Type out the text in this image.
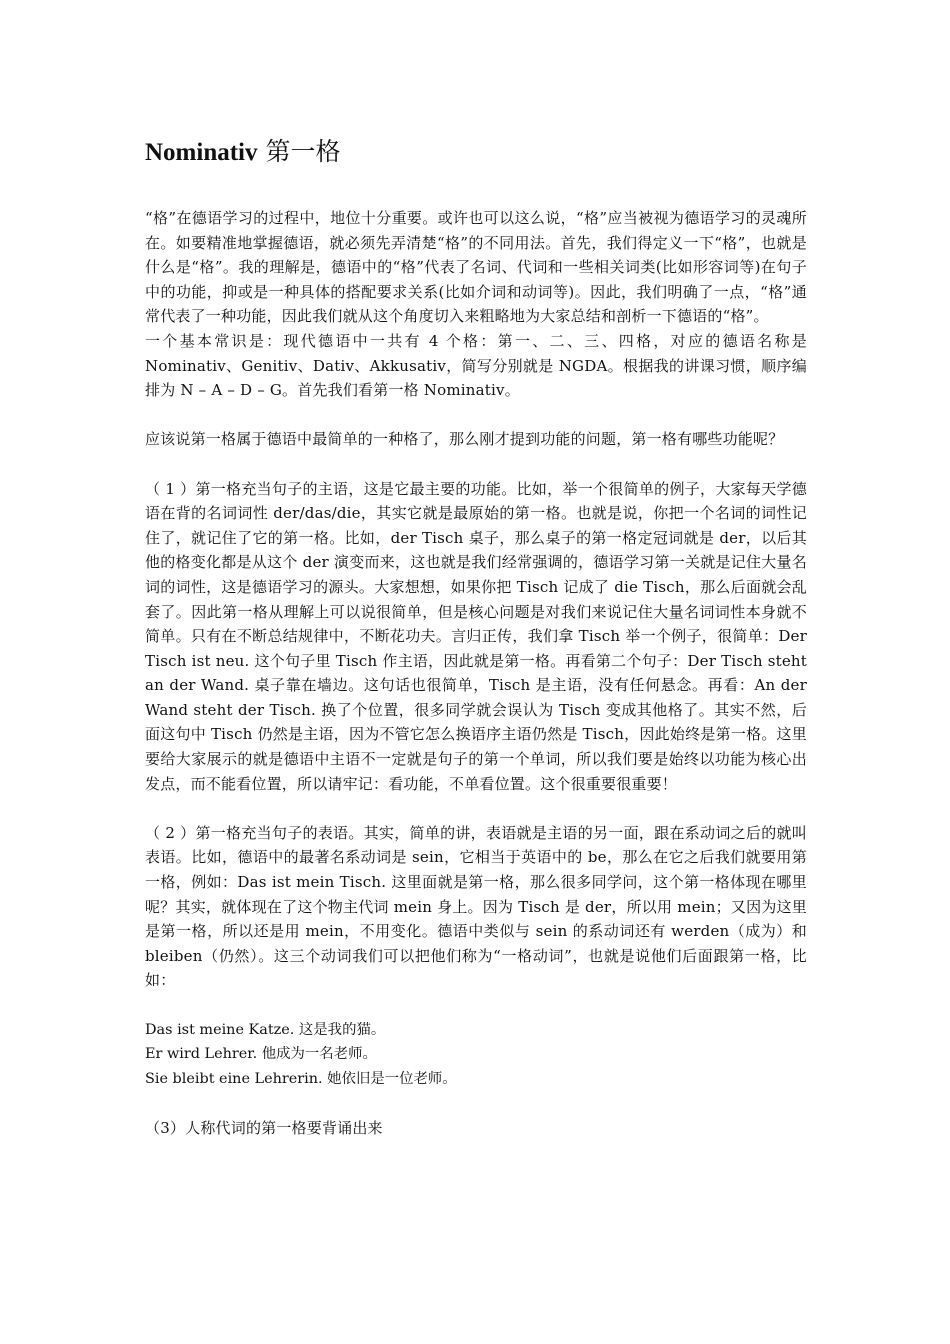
Nominativ 第一格

“格”在德语学习的过程中，地位十分重要。或许也可以这么说，“格”应当被视为德语学习的灵魂所在。如要精准地掌握德语，就必须先弄清楚“格”的不同用法。首先，我们得定义一下“格”，也就是什么是“格”。我的理解是，德语中的“格”代表了名词、代词和一些相关词类(比如形容词等)在句子中的功能，抑或是一种具体的搭配要求关系(比如介词和动词等)。因此，我们明确了一点，“格”通常代表了一种功能，因此我们就从这个角度切入来粗略地为大家总结和剖析一下德语的“格”。

一个基本常识是：现代德语中一共有 4 个格：第一、二、三、四格，对应的德语名称是 Nominativ、Genitiv、Dativ、Akkusativ，简写分别就是 NGDA。根据我的讲课习惯，顺序编排为 N – A – D – G。首先我们看第一格 Nominativ。

应该说第一格属于德语中最简单的一种格了，那么刚才提到功能的问题，第一格有哪些功能呢？

（ 1 ）第一格充当句子的主语，这是它最主要的功能。比如，举一个很简单的例子，大家每天学德语在背的名词词性 der/das/die，其实它就是最原始的第一格。也就是说，你把一个名词的词性记住了，就记住了它的第一格。比如，der Tisch 桌子，那么桌子的第一格定冠词就是 der，以后其他的格变化都是从这个 der 演变而来，这也就是我们经常强调的，德语学习第一关就是记住大量名词的词性，这是德语学习的源头。大家想想，如果你把 Tisch 记成了 die Tisch，那么后面就会乱套了。因此第一格从理解上可以说很简单，但是核心问题是对我们来说记住大量名词词性本身就不简单。只有在不断总结规律中，不断花功夫。言归正传，我们拿 Tisch 举一个例子，很简单：Der Tisch ist neu. 这个句子里 Tisch 作主语，因此就是第一格。再看第二个句子：Der Tisch steht an der Wand. 桌子靠在墙边。这句话也很简单，Tisch 是主语，没有任何悬念。再看：An der Wand steht der Tisch. 换了个位置，很多同学就会误认为 Tisch 变成其他格了。其实不然，后面这句中 Tisch 仍然是主语，因为不管它怎么换语序主语仍然是 Tisch，因此始终是第一格。这里要给大家展示的就是德语中主语不一定就是句子的第一个单词，所以我们要是始终以功能为核心出发点，而不能看位置，所以请牢记：看功能，不单看位置。这个很重要很重要！

（ 2 ）第一格充当句子的表语。其实，简单的讲，表语就是主语的另一面，跟在系动词之后的就叫表语。比如，德语中的最著名系动词是 sein，它相当于英语中的 be，那么在它之后我们就要用第一格，例如：Das ist mein Tisch. 这里面就是第一格，那么很多同学问，这个第一格体现在哪里呢？其实，就体现在了这个物主代词 mein 身上。因为 Tisch 是 der，所以用 mein；又因为这里是第一格，所以还是用 mein，不用变化。德语中类似与 sein 的系动词还有 werden（成为）和 bleiben（仍然）。这三个动词我们可以把他们称为“一格动词”，也就是说他们后面跟第一格，比如：

Das ist meine Katze. 这是我的猫。

Er wird Lehrer. 他成为一名老师。

Sie bleibt eine Lehrerin. 她依旧是一位老师。

（3）人称代词的第一格要背诵出来
